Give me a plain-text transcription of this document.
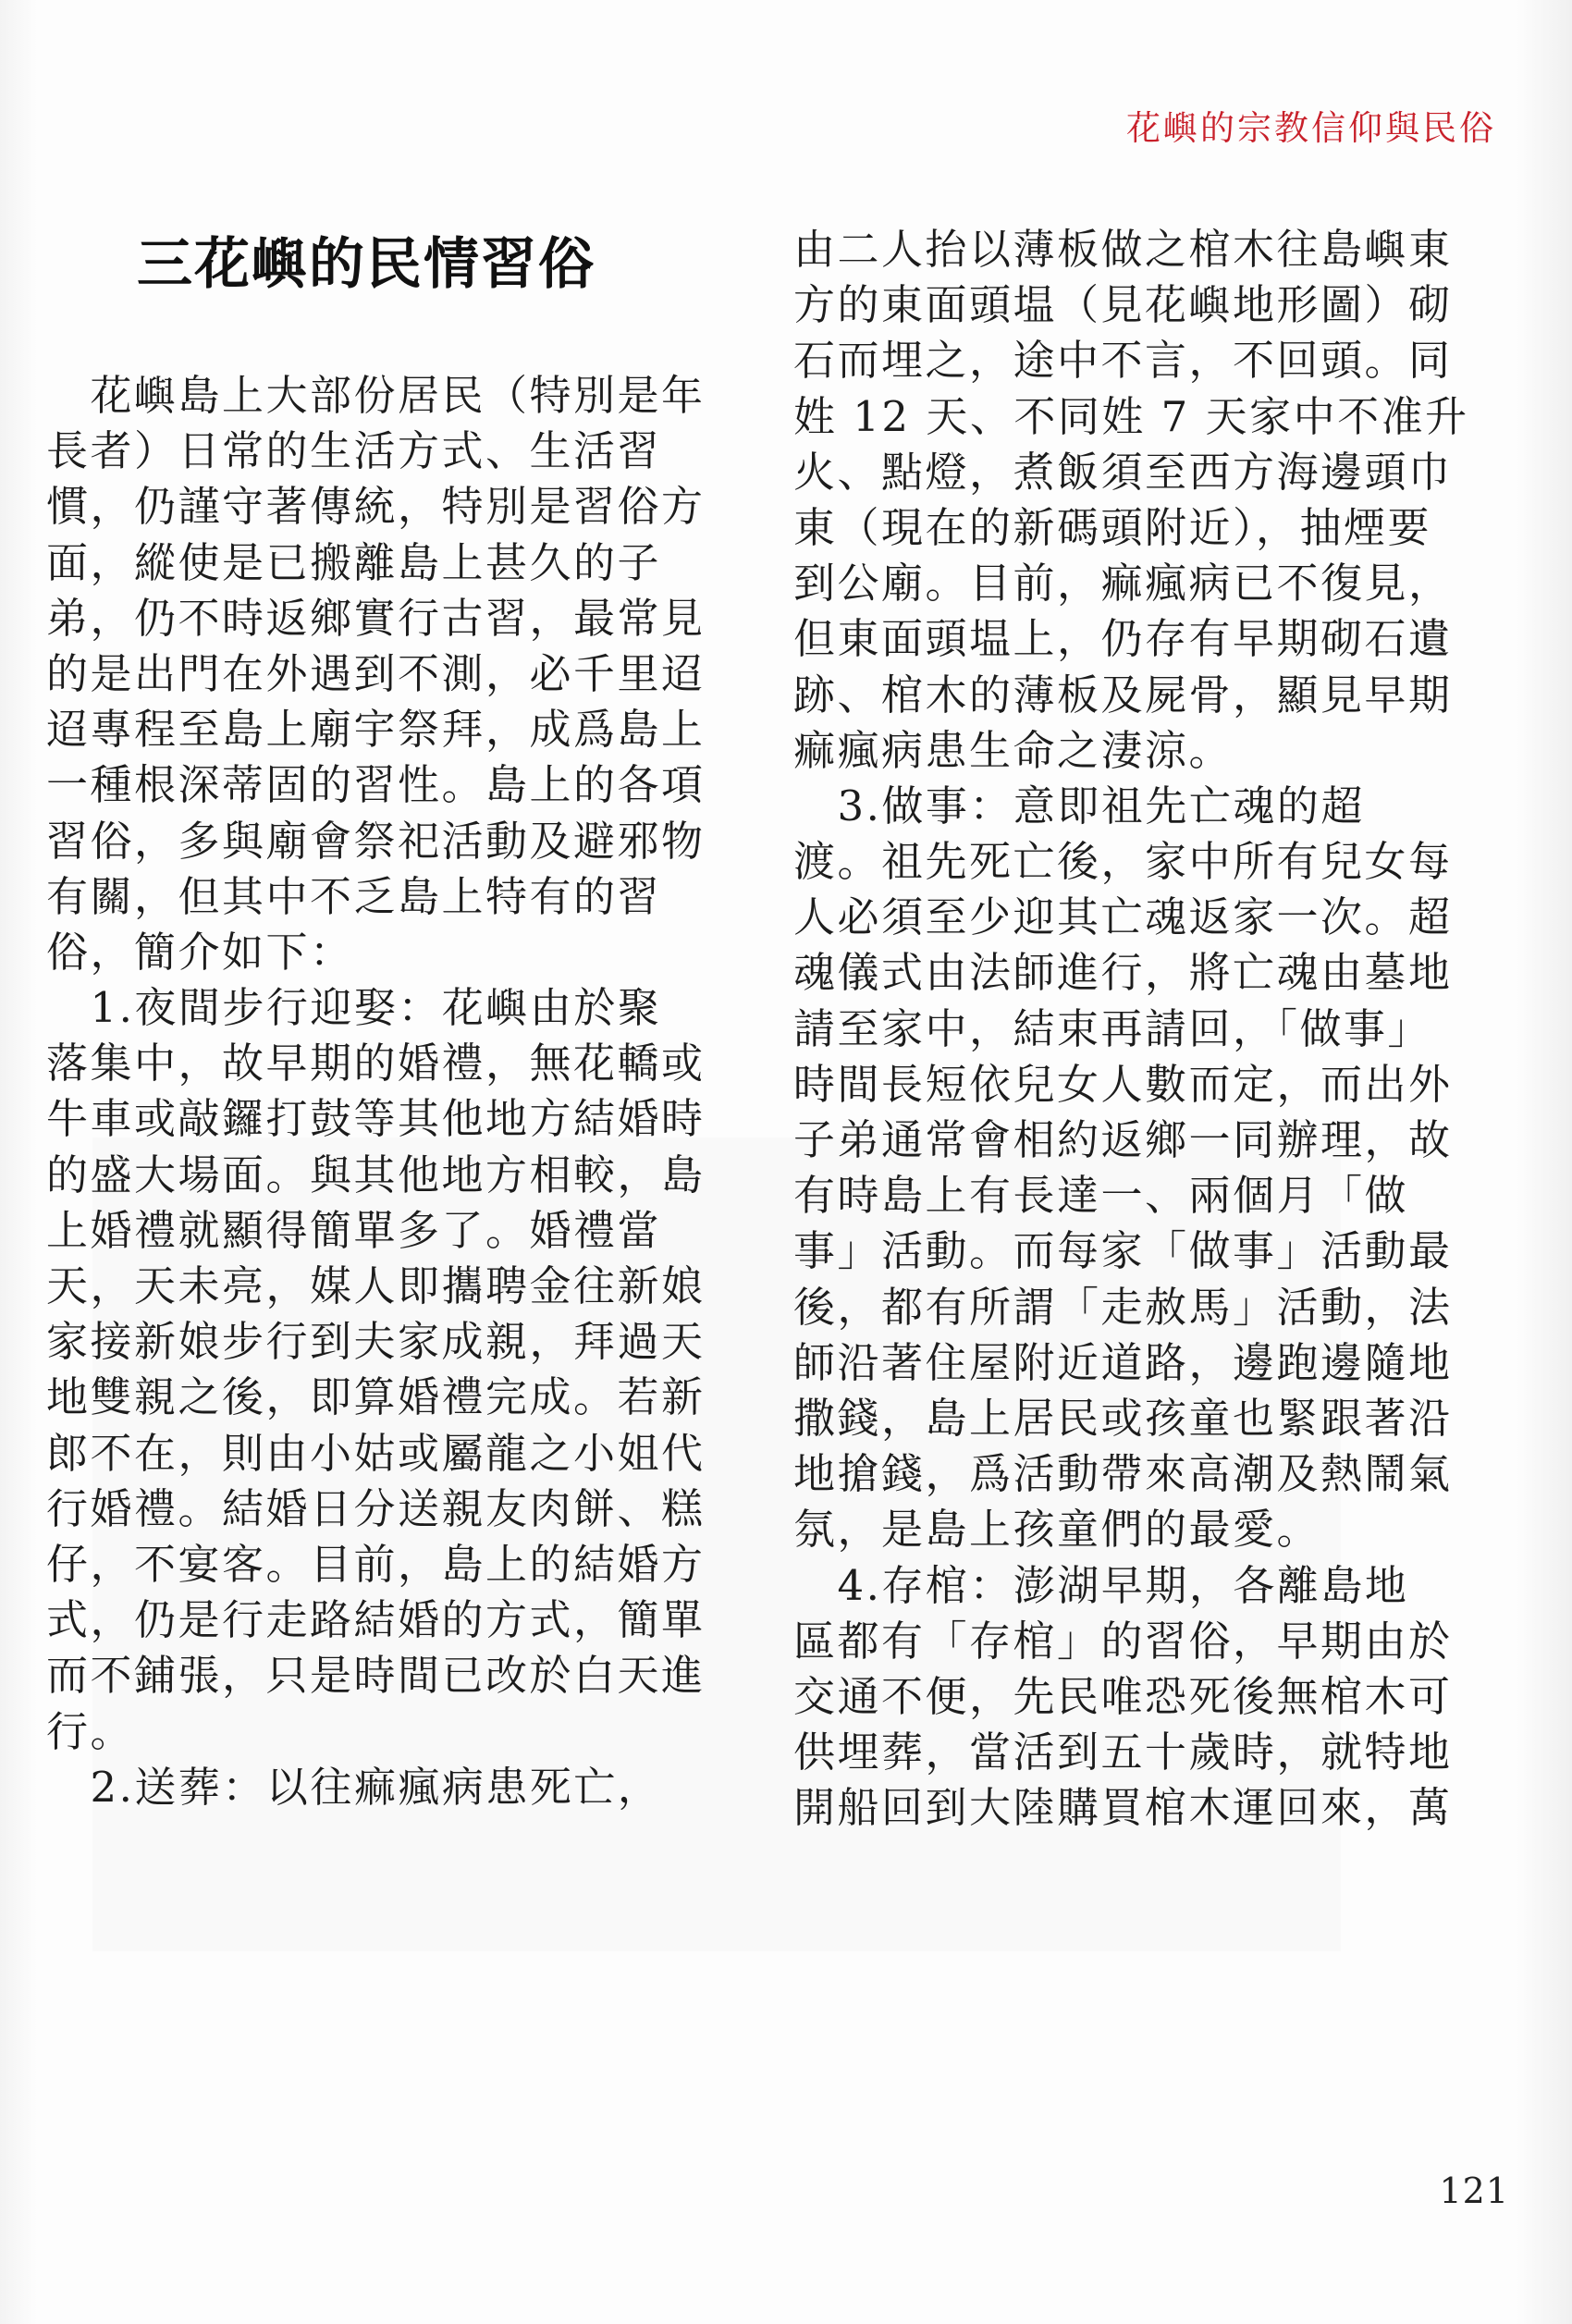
花嶼的宗教信仰與民俗
三花嶼的民情習俗
　花嶼島上大部份居民（特別是年
長者）日常的生活方式、生活習
慣，仍謹守著傳統，特別是習俗方
面，縱使是已搬離島上甚久的子
弟，仍不時返鄉實行古習，最常見
的是出門在外遇到不測，必千里迢
迢專程至島上廟宇祭拜，成爲島上
一種根深蒂固的習性。島上的各項
習俗，多與廟會祭祀活動及避邪物
有關，但其中不乏島上特有的習
俗，簡介如下：
　1.夜間步行迎娶：花嶼由於聚
落集中，故早期的婚禮，無花轎或
牛車或敲鑼打鼓等其他地方結婚時
的盛大場面。與其他地方相較，島
上婚禮就顯得簡單多了。婚禮當
天，天未亮，媒人即攜聘金往新娘
家接新娘步行到夫家成親，拜過天
地雙親之後，即算婚禮完成。若新
郎不在，則由小姑或屬龍之小姐代
行婚禮。結婚日分送親友肉餅、糕
仔，不宴客。目前，島上的結婚方
式，仍是行走路結婚的方式，簡單
而不鋪張，只是時間已改於白天進
行。
　2.送葬：以往痲瘋病患死亡，
由二人抬以薄板做之棺木往島嶼東
方的東面頭塭（見花嶼地形圖）砌
石而埋之，途中不言，不回頭。同
姓 12 天、不同姓 7 天家中不准升
火、點燈，煮飯須至西方海邊頭巾
東（現在的新碼頭附近），抽煙要
到公廟。目前，痲瘋病已不復見，
但東面頭塭上，仍存有早期砌石遺
跡、棺木的薄板及屍骨，顯見早期
痲瘋病患生命之淒涼。
　3.做事：意即祖先亡魂的超
渡。祖先死亡後，家中所有兒女每
人必須至少迎其亡魂返家一次。超
魂儀式由法師進行，將亡魂由墓地
請至家中，結束再請回，「做事」
時間長短依兒女人數而定，而出外
子弟通常會相約返鄉一同辦理，故
有時島上有長達一、兩個月「做
事」活動。而每家「做事」活動最
後，都有所謂「走赦馬」活動，法
師沿著住屋附近道路，邊跑邊隨地
撒錢，島上居民或孩童也緊跟著沿
地搶錢，爲活動帶來高潮及熱鬧氣
氛，是島上孩童們的最愛。
　4.存棺：澎湖早期，各離島地
區都有「存棺」的習俗，早期由於
交通不便，先民唯恐死後無棺木可
供埋葬，當活到五十歲時，就特地
開船回到大陸購買棺木運回來，萬
121
